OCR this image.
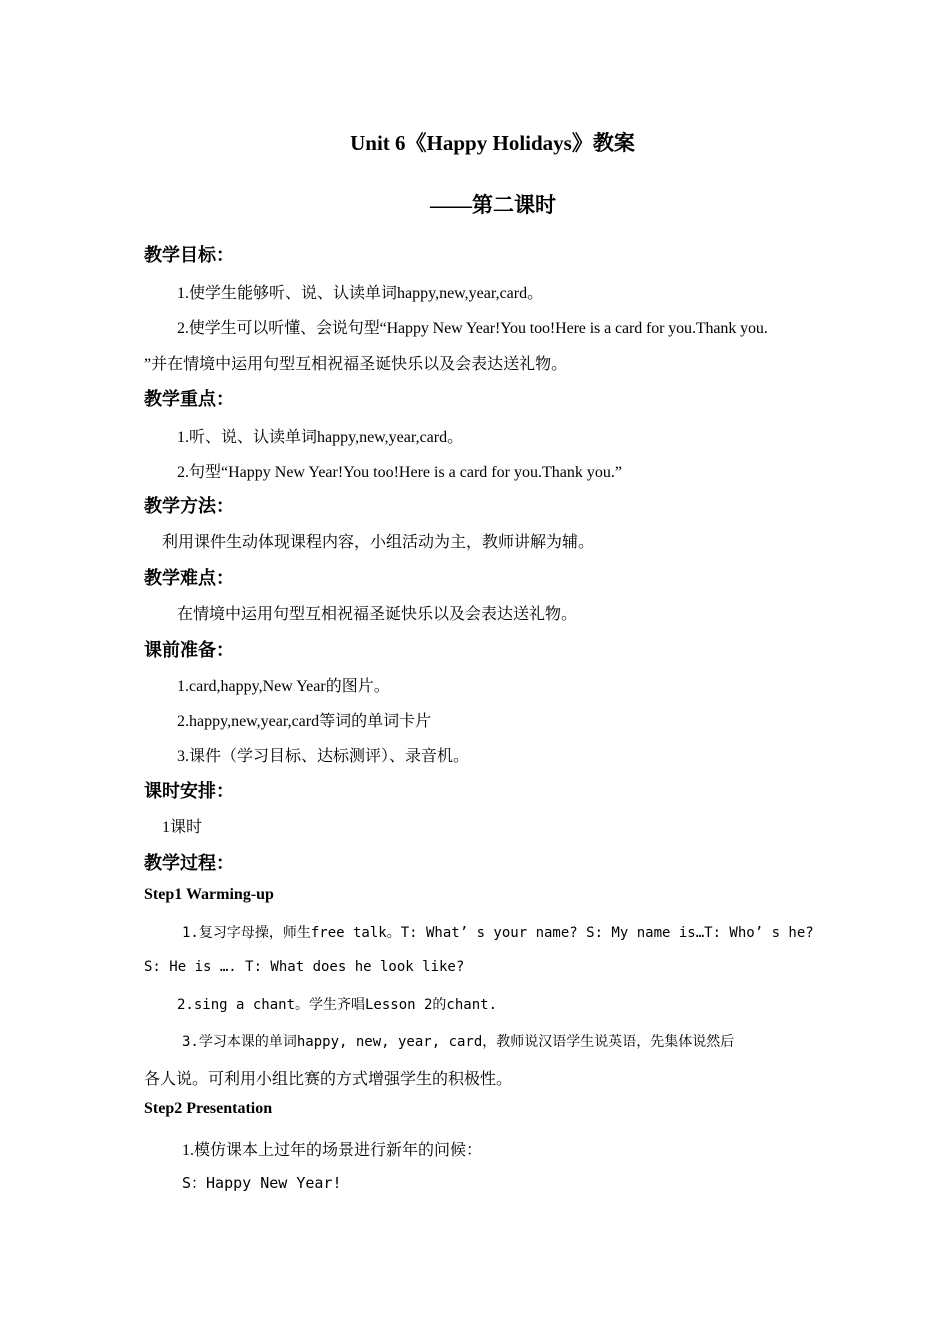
Unit 6《Happy Holidays》教案
——第二课时
教学目标：
1.使学生能够听、说、认读单词happy,new,year,card。
2.使学生可以听懂、会说句型“Happy New Year!You too!Here is a card for you.Thank you.
”并在情境中运用句型互相祝福圣诞快乐以及会表达送礼物。
教学重点：
1.听、说、认读单词happy,new,year,card。
2.句型“Happy New Year!You too!Here is a card for you.Thank you.”
教学方法：
利用课件生动体现课程内容，小组活动为主，教师讲解为辅。
教学难点：
在情境中运用句型互相祝福圣诞快乐以及会表达送礼物。
课前准备：
1.card,happy,New Year的图片。
2.happy,new,year,card等词的单词卡片
3.课件（学习目标、达标测评）、录音机。
课时安排：
1课时
教学过程：
Step1 Warming-up
1.复习字母操，师生free talk。T: What’ s your name? S: My name is…T: Who’ s he?
S: He is …. T: What does he look like?
2.sing a chant。学生齐唱Lesson 2的chant.
3.学习本课的单词happy, new, year, card，教师说汉语学生说英语，先集体说然后
各人说。可利用小组比赛的方式增强学生的积极性。
Step2 Presentation
1.模仿课本上过年的场景进行新年的问候：
S：Happy New Year!
